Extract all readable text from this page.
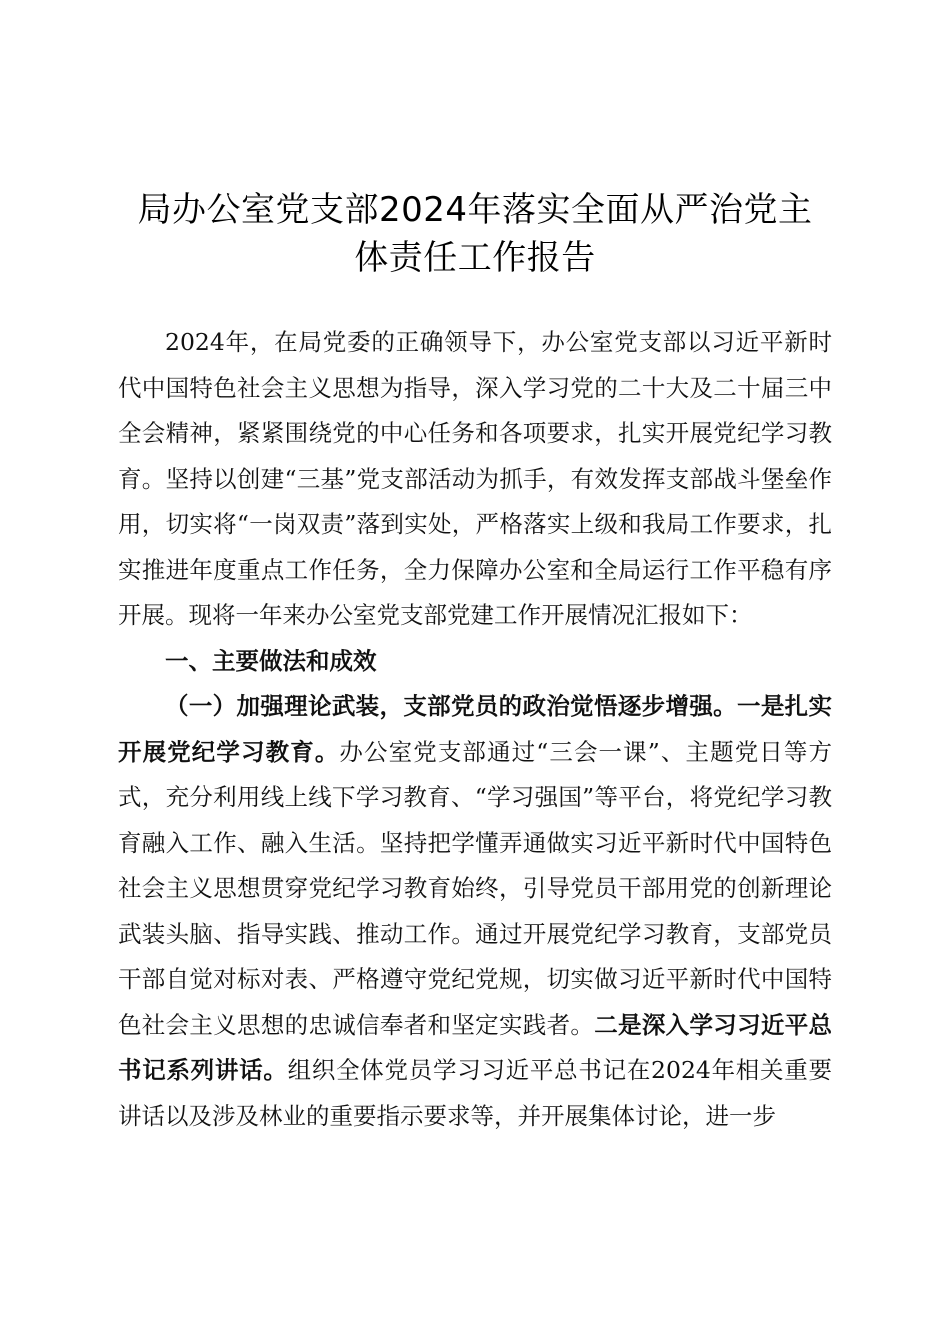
局办公室党支部2024年落实全面从严治党主
体责任工作报告

2024年，在局党委的正确领导下，办公室党支部以习近平新时代中国特色社会主义思想为指导，深入学习党的二十大及二十届三中全会精神，紧紧围绕党的中心任务和各项要求，扎实开展党纪学习教育。坚持以创建“三基”党支部活动为抓手，有效发挥支部战斗堡垒作用，切实将“一岗双责”落到实处，严格落实上级和我局工作要求，扎实推进年度重点工作任务，全力保障办公室和全局运行工作平稳有序开展。现将一年来办公室党支部党建工作开展情况汇报如下：

一、主要做法和成效

（一）加强理论武装，支部党员的政治觉悟逐步增强。一是扎实开展党纪学习教育。办公室党支部通过“三会一课”、主题党日等方式，充分利用线上线下学习教育、“学习强国”等平台，将党纪学习教育融入工作、融入生活。坚持把学懂弄通做实习近平新时代中国特色社会主义思想贯穿党纪学习教育始终，引导党员干部用党的创新理论武装头脑、指导实践、推动工作。通过开展党纪学习教育，支部党员干部自觉对标对表、严格遵守党纪党规，切实做习近平新时代中国特色社会主义思想的忠诚信奉者和坚定实践者。二是深入学习习近平总书记系列讲话。组织全体党员学习习近平总书记在2024年相关重要讲话以及涉及林业的重要指示要求等，并开展集体讨论，进一步
